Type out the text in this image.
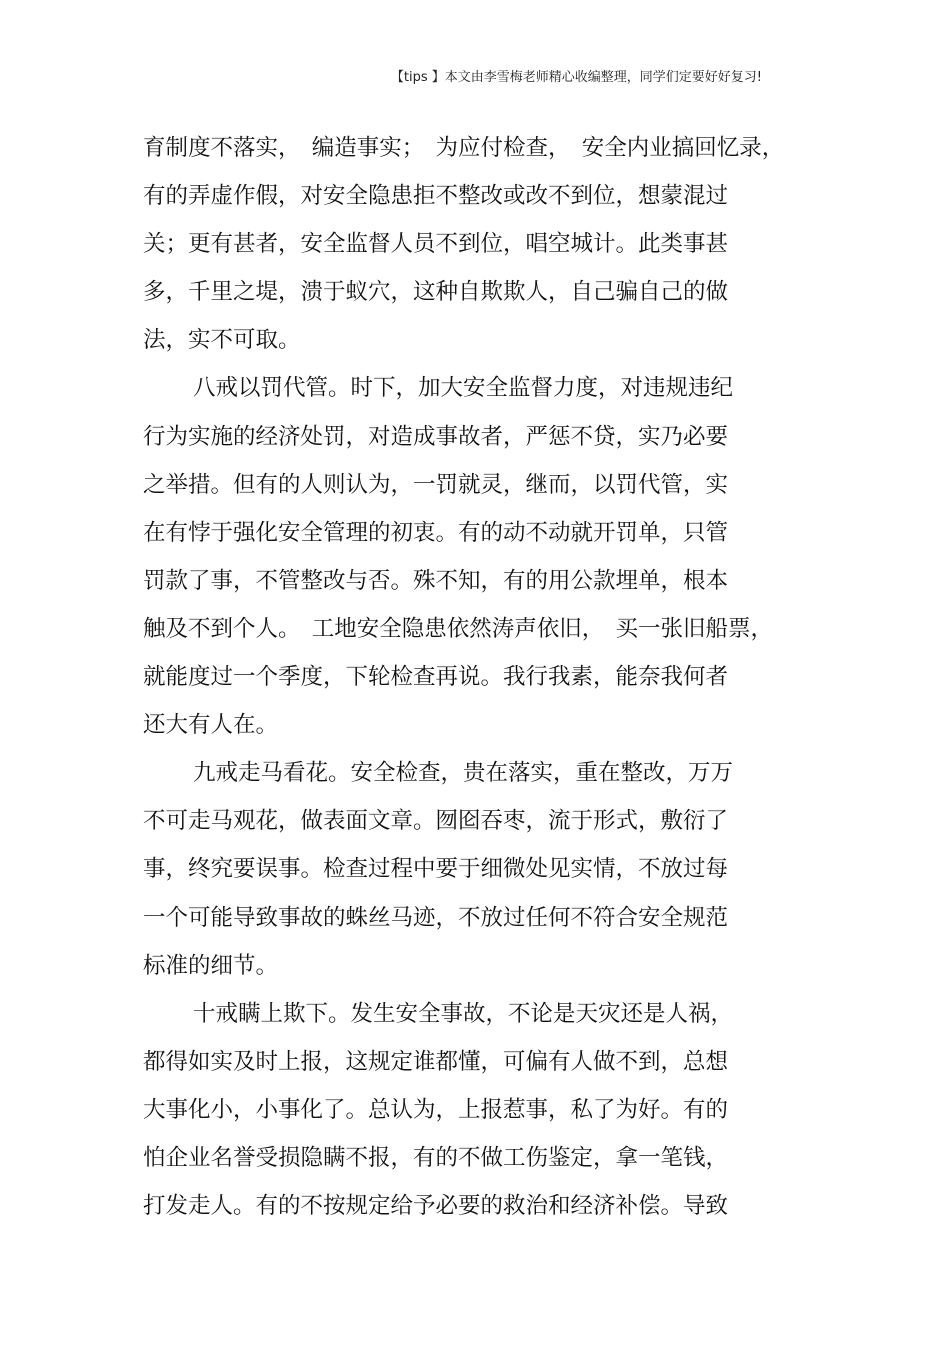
【tips 】本文由李雪梅老师精心收编整理，同学们定要好好复习!
育制度不落实，　编造事实；　为应付检查，　安全内业搞回忆录，
有的弄虚作假，对安全隐患拒不整改或改不到位，想蒙混过
关；更有甚者，安全监督人员不到位，唱空城计。此类事甚
多，千里之堤，溃于蚁穴，这种自欺欺人，自己骗自己的做
法，实不可取。
八戒以罚代管。时下，加大安全监督力度，对违规违纪
行为实施的经济处罚，对造成事故者，严惩不贷，实乃必要
之举措。但有的人则认为，一罚就灵，继而，以罚代管，实
在有悖于强化安全管理的初衷。有的动不动就开罚单，只管
罚款了事，不管整改与否。殊不知，有的用公款埋单，根本
触及不到个人。　工地安全隐患依然涛声依旧，　买一张旧船票，
就能度过一个季度，下轮检查再说。我行我素，能奈我何者
还大有人在。
九戒走马看花。安全检查，贵在落实，重在整改，万万
不可走马观花，做表面文章。囫囵吞枣，流于形式，敷衍了
事，终究要误事。检查过程中要于细微处见实情，不放过每
一个可能导致事故的蛛丝马迹，不放过任何不符合安全规范
标准的细节。
十戒瞒上欺下。发生安全事故，不论是天灾还是人祸，
都得如实及时上报，这规定谁都懂，可偏有人做不到，总想
大事化小，小事化了。总认为，上报惹事，私了为好。有的
怕企业名誉受损隐瞒不报，有的不做工伤鉴定，拿一笔钱，
打发走人。有的不按规定给予必要的救治和经济补偿。导致
